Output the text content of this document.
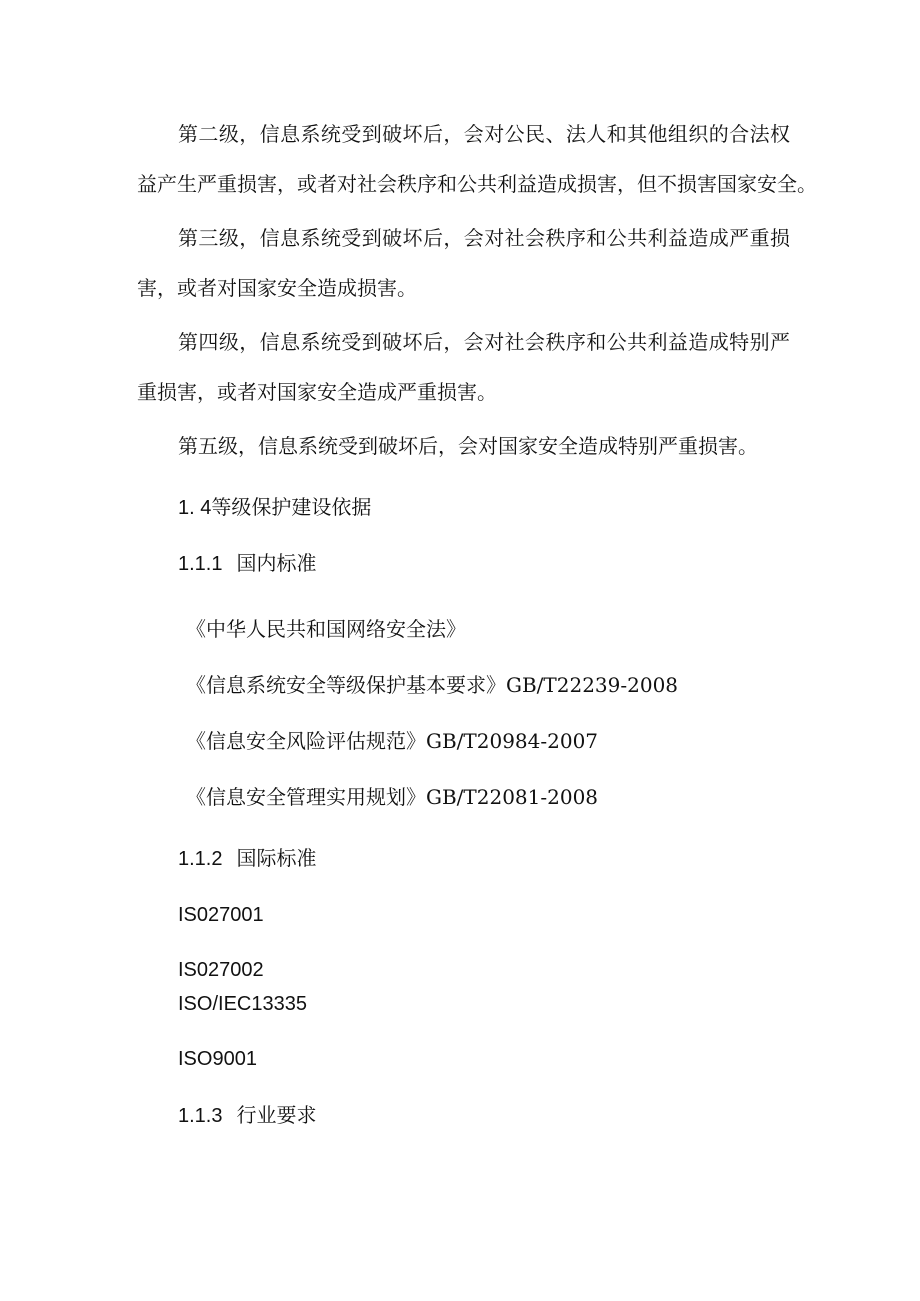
第二级，信息系统受到破坏后，会对公民、法人和其他组织的合法权

益产生严重损害，或者对社会秩序和公共利益造成损害，但不损害国家安全。

第三级，信息系统受到破坏后，会对社会秩序和公共利益造成严重损

害，或者对国家安全造成损害。

第四级，信息系统受到破坏后，会对社会秩序和公共利益造成特别严

重损害，或者对国家安全造成严重损害。

第五级，信息系统受到破坏后，会对国家安全造成特别严重损害。

1. 4等级保护建设依据

1.1.1 国内标准

《中华人民共和国网络安全法》

《信息系统安全等级保护基本要求》GB/T22239-2008

《信息安全风险评估规范》GB/T20984-2007

《信息安全管理实用规划》GB/T22081-2008

1.1.2 国际标准

IS027001

IS027002

ISO/IEC13335

ISO9001

1.1.3 行业要求
